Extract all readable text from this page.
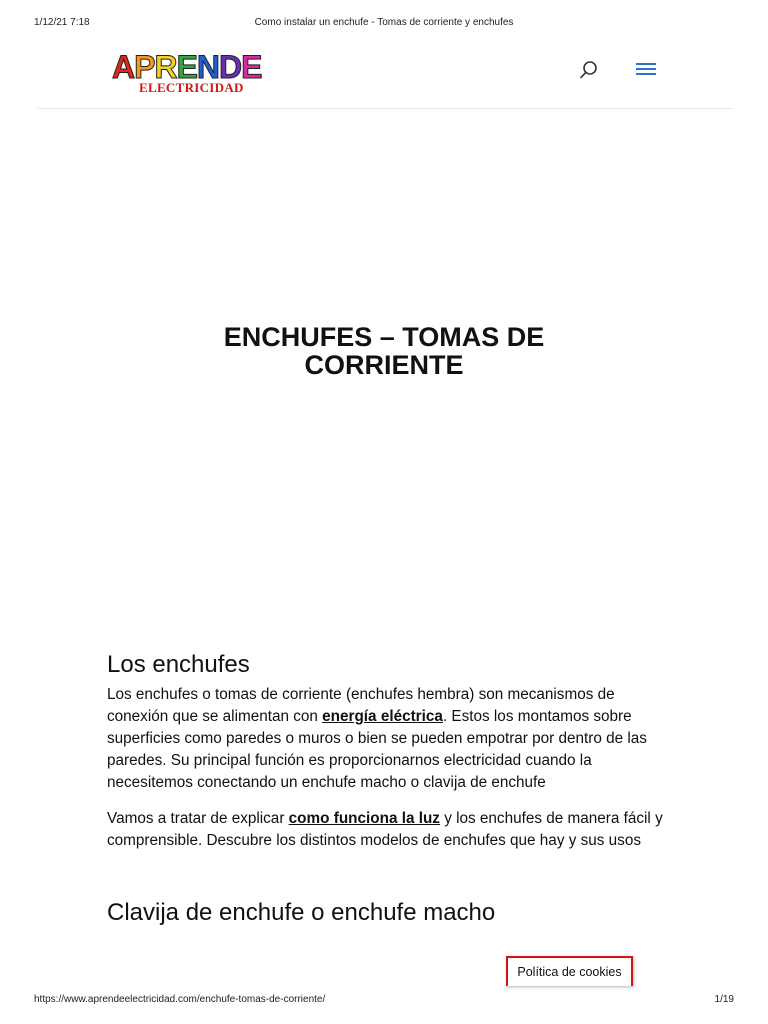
1/12/21 7:18	Como instalar un enchufe - Tomas de corriente y enchufes
APRENDE
ELECTRICIDAD
ENCHUFES – TOMAS DE CORRIENTE
Los enchufes

Los enchufes o tomas de corriente (enchufes hembra) son mecanismos de conexión que se alimentan con energía eléctrica. Estos los montamos sobre superficies como paredes o muros o bien se pueden empotrar por dentro de las paredes. Su principal función es proporcionarnos electricidad cuando la necesitemos conectando un enchufe macho o clavija de enchufe

Vamos a tratar de explicar como funciona la luz y los enchufes de manera fácil y comprensible. Descubre los distintos modelos de enchufes que hay y sus usos

Clavija de enchufe o enchufe macho
Política de cookies
https://www.aprendeelectricidad.com/enchufe-tomas-de-corriente/	1/19
